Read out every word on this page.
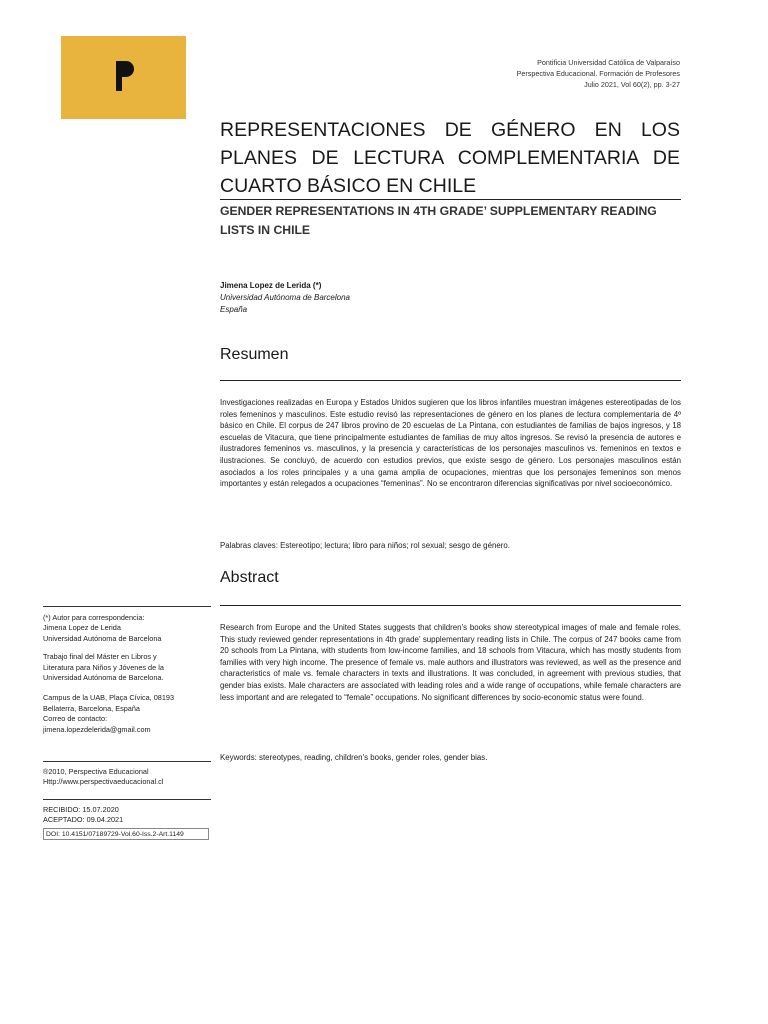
Pontificia Universidad Católica de Valparaíso
Perspectiva Educacional. Formación de Profesores
Julio 2021, Vol 60(2), pp. 3-27
REPRESENTACIONES DE GÉNERO EN LOS PLANES DE LECTURA COMPLEMENTARIA DE CUARTO BÁSICO EN CHILE
GENDER REPRESENTATIONS IN 4TH GRADE’ SUPPLEMENTARY READING LISTS IN CHILE
Jimena Lopez de Lerida (*)
Universidad Autónoma de Barcelona
España
Resumen

Investigaciones realizadas en Europa y Estados Unidos sugieren que los libros infantiles muestran imágenes estereotipadas de los roles femeninos y masculinos. Este estudio revisó las representaciones de género en los planes de lectura complementaria de 4º básico en Chile. El corpus de 247 libros provino de 20 escuelas de La Pintana, con estudiantes de familias de bajos ingresos, y 18 escuelas de Vitacura, que tiene principalmente estudiantes de familias de muy altos ingresos. Se revisó la presencia de autores e ilustradores femeninos vs. masculinos, y la presencia y características de los personajes masculinos vs. femeninos en textos e ilustraciones. Se concluyó, de acuerdo con estudios previos, que existe sesgo de género. Los personajes masculinos están asociados a los roles principales y a una gama amplia de ocupaciones, mientras que los personajes femeninos son menos importantes y están relegados a ocupaciones “femeninas”. No se encontraron diferencias significativas por nivel socioeconómico.

Palabras claves: Estereotipo; lectura; libro para niños; rol sexual; sesgo de género.

Abstract

Research from Europe and the United States suggests that children’s books show stereotypical images of male and female roles. This study reviewed gender representations in 4th grade’ supplementary reading lists in Chile. The corpus of 247 books came from 20 schools from La Pintana, with students from low-income families, and 18 schools from Vitacura, which has mostly students from families with very high income. The presence of female vs. male authors and illustrators was reviewed, as well as the presence and characteristics of male vs. female characters in texts and illustrations. It was concluded, in agreement with previous studies, that gender bias exists. Male characters are associated with leading roles and a wide range of occupations, while female characters are less important and are relegated to “female” occupations. No significant differences by socio-economic status were found.

Keywords: stereotypes, reading, children’s books, gender roles, gender bias.

(*) Autor para correspondencia:

Jimena Lopez de Lerida

Universidad Autónoma de Barcelona

Trabajo final del Máster en Libros y

Literatura para Niños y Jóvenes de la

Universidad Autónoma de Barcelona.

Campus de la UAB, Plaça Cívica, 08193

Bellaterra, Barcelona, España

Correo de contacto:

jimena.lopezdelerida@gmail.com

®2010, Perspectiva Educacional

Http://www.perspectivaeducacional.cl

RECIBIDO: 15.07.2020

ACEPTADO: 09.04.2021

DOI: 10.4151/07189729-Vol.60-Iss.2-Art.1149
